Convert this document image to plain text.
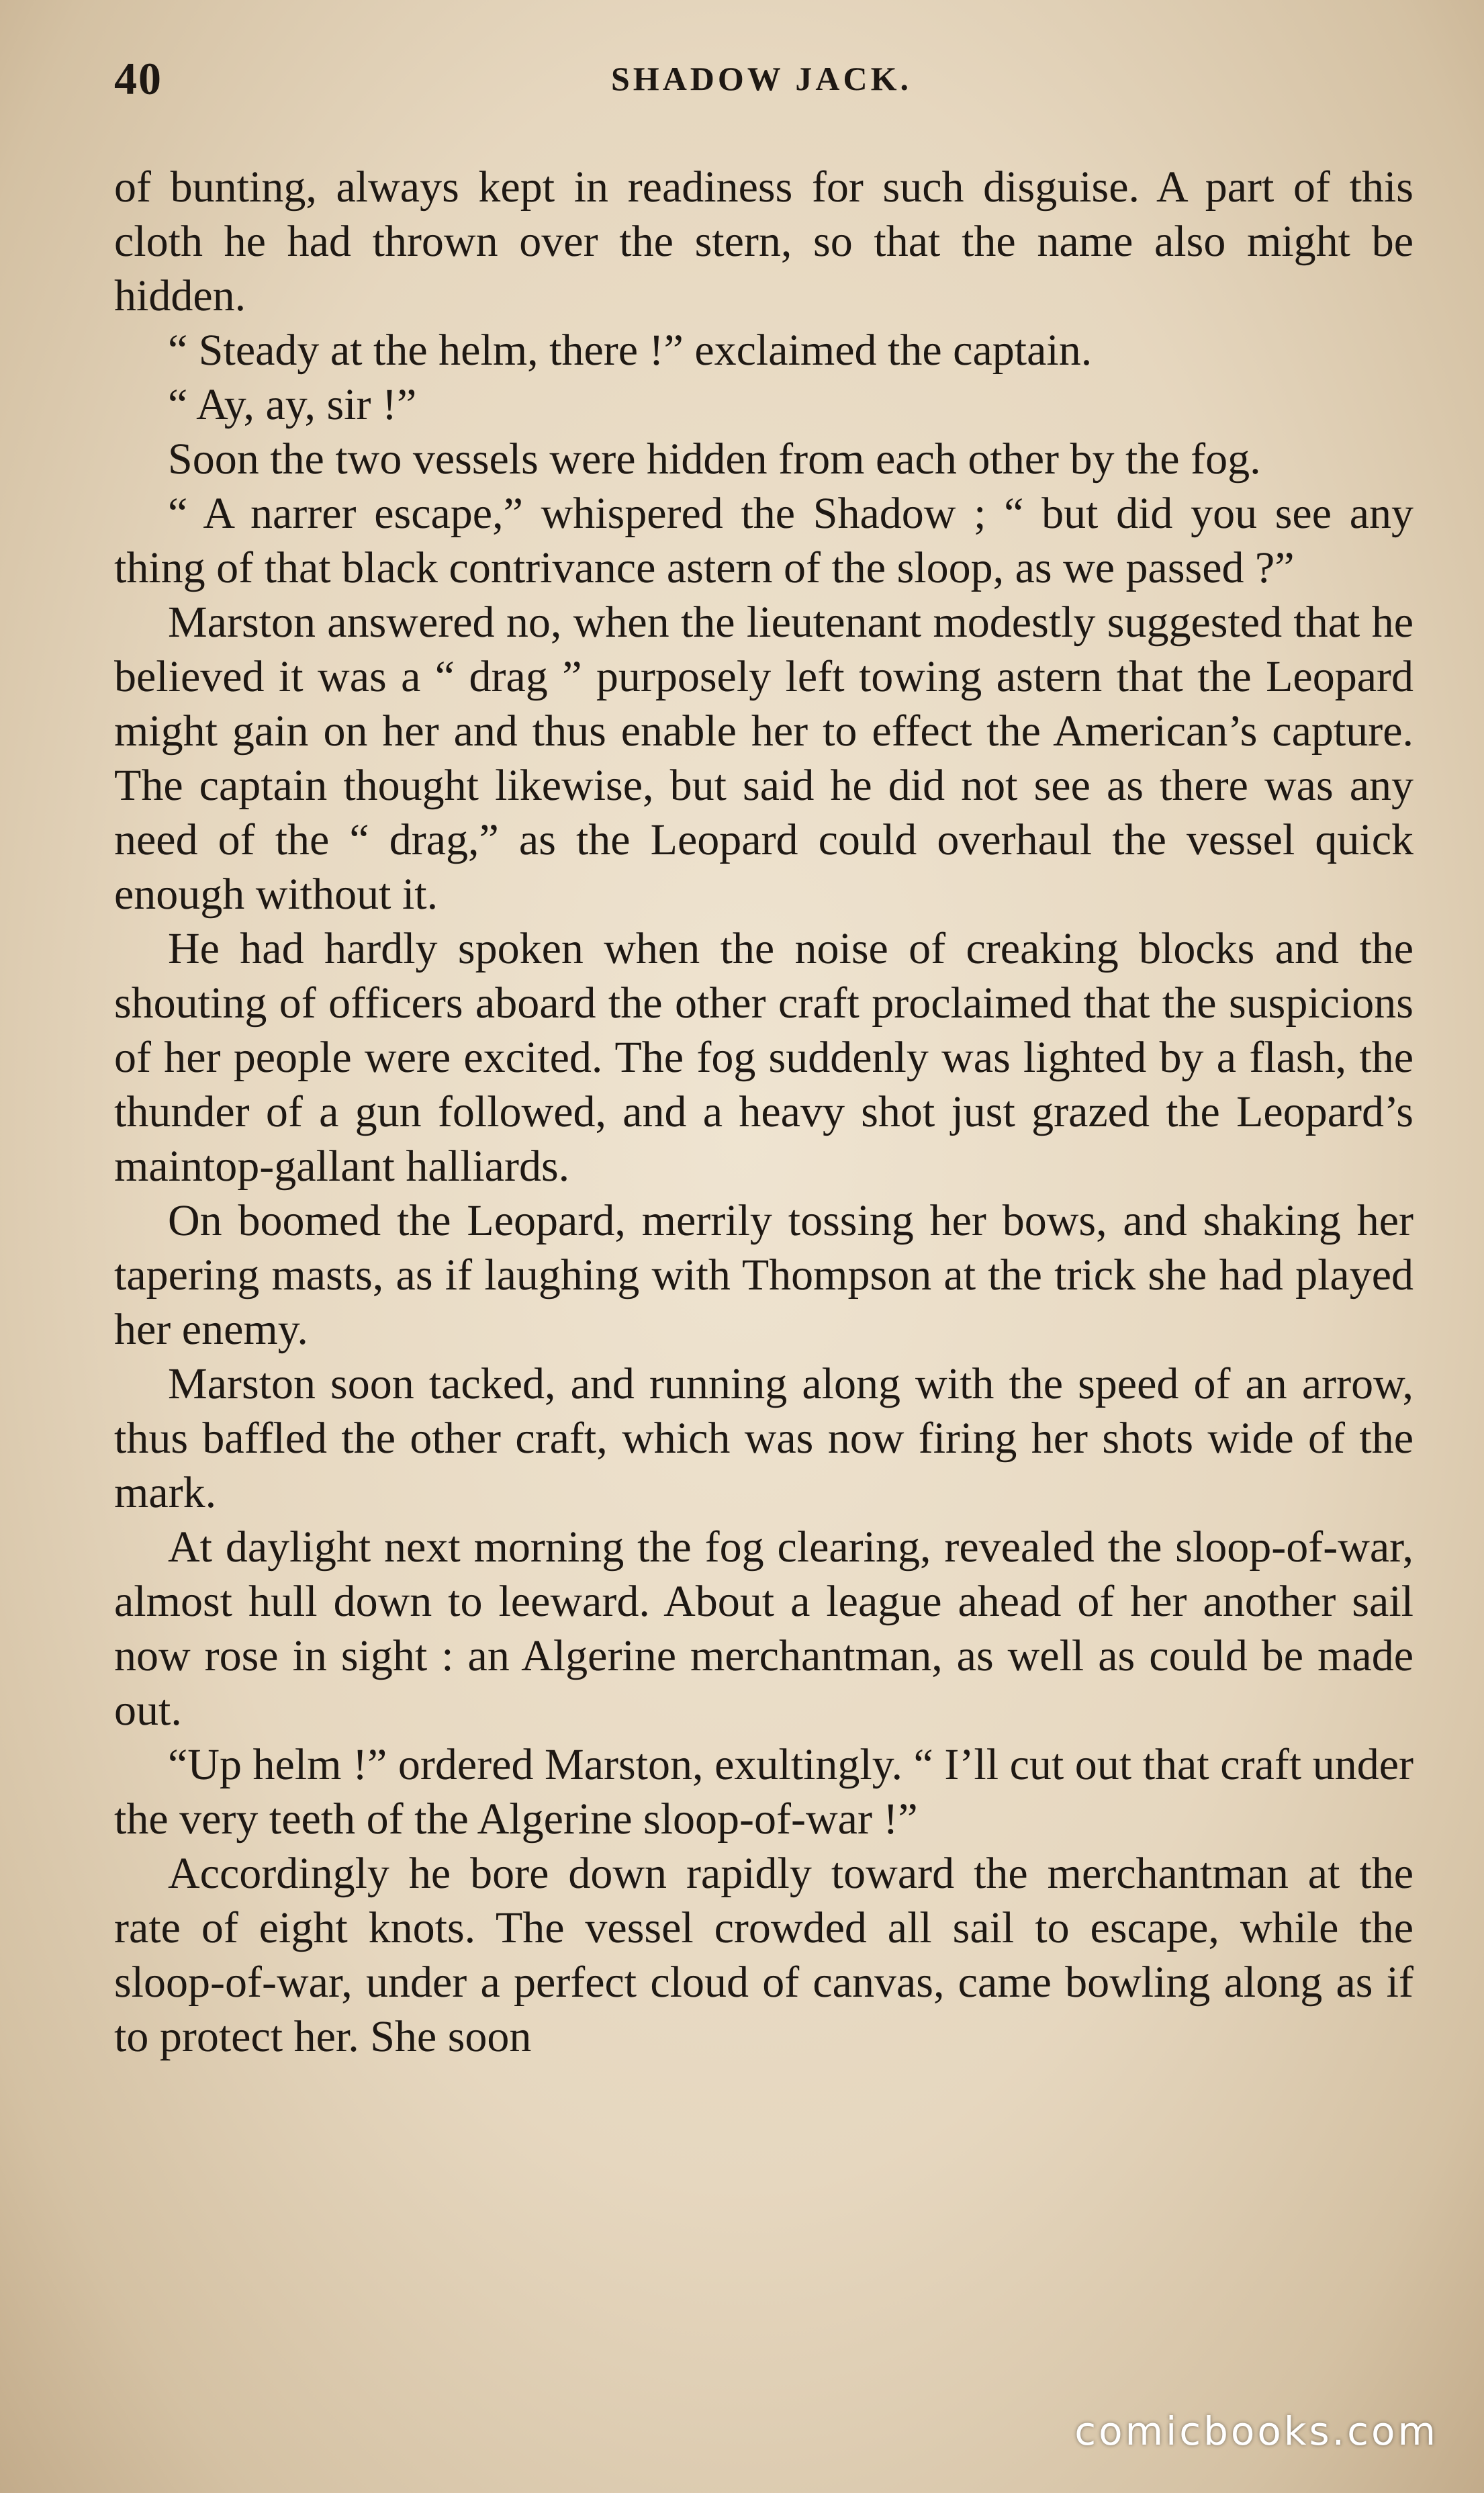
40	SHADOW JACK.

of bunting, always kept in readiness for such disguise. A part of this cloth he had thrown over the stern, so that the name also might be hidden.

“ Steady at the helm, there !” exclaimed the captain.

“ Ay, ay, sir !”

Soon the two vessels were hidden from each other by the fog.

“ A narrer escape,” whispered the Shadow ; “ but did you see any thing of that black contrivance astern of the sloop, as we passed ?”

Marston answered no, when the lieutenant modestly suggested that he believed it was a “ drag ” purposely left towing astern that the Leopard might gain on her and thus enable her to effect the American’s capture. The captain thought likewise, but said he did not see as there was any need of the “ drag,” as the Leopard could overhaul the vessel quick enough without it.

He had hardly spoken when the noise of creaking blocks and the shouting of officers aboard the other craft proclaimed that the suspicions of her people were excited. The fog suddenly was lighted by a flash, the thunder of a gun followed, and a heavy shot just grazed the Leopard’s maintop-gallant halliards.

On boomed the Leopard, merrily tossing her bows, and shaking her tapering masts, as if laughing with Thompson at the trick she had played her enemy.

Marston soon tacked, and running along with the speed of an arrow, thus baffled the other craft, which was now firing her shots wide of the mark.

At daylight next morning the fog clearing, revealed the sloop-of-war, almost hull down to leeward. About a league ahead of her another sail now rose in sight : an Algerine merchantman, as well as could be made out.

“Up helm !” ordered Marston, exultingly. “ I’ll cut out that craft under the very teeth of the Algerine sloop-of-war !”

Accordingly he bore down rapidly toward the merchantman at the rate of eight knots. The vessel crowded all sail to escape, while the sloop-of-war, under a perfect cloud of canvas, came bowling along as if to protect her. She soon

comicbooks.com
